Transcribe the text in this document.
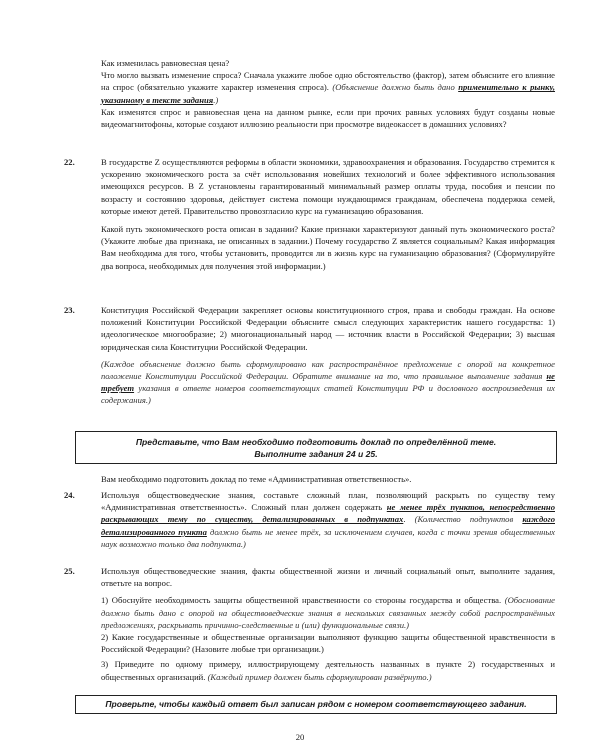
Как изменилась равновесная цена?

Что могло вызвать изменение спроса? Сначала укажите любое одно обстоятельство (фактор), затем объясните его влияние на спрос (обязательно укажите характер изменения спроса). (Объяснение должно быть дано применительно к рынку, указанному в тексте задания.)

Как изменятся спрос и равновесная цена на данном рынке, если при прочих равных условиях будут созданы новые видеомагнитофоны, которые создают иллюзию реальности при просмотре видеокассет в домашних условиях?

22.	В государстве Z осуществляются реформы в области экономики, здравоохранения и образования. Государство стремится к ускорению экономического роста за счёт использования новейших технологий и более эффективного использования имеющихся ресурсов. В Z установлены гарантированный минимальный размер оплаты труда, пособия и пенсии по возрасту и состоянию здоровья, действует система помощи нуждающимся гражданам, обеспечена поддержка семей, которые имеют детей. Правительство провозгласило курс на гуманизацию образования.

Какой путь экономического роста описан в задании? Какие признаки характеризуют данный путь экономического роста? (Укажите любые два признака, не описанных в задании.) Почему государство Z является социальным? Какая информация Вам необходима для того, чтобы установить, проводится ли в жизнь курс на гуманизацию образования? (Сформулируйте два вопроса, необходимых для получения этой информации.)

23.	Конституция Российской Федерации закрепляет основы конституционного строя, права и свободы граждан. На основе положений Конституции Российской Федерации объясните смысл следующих характеристик нашего государства: 1) идеологическое многообразие; 2) многонациональный народ — источник власти в Российской Федерации; 3) высшая юридическая сила Конституции Российской Федерации.

(Каждое объяснение должно быть сформулировано как распространённое предложение с опорой на конкретное положение Конституции Российской Федерации. Обратите внимание на то, что правильное выполнение задания не требует указания в ответе номеров соответствующих статей Конституции РФ и дословного воспроизведения их содержания.)

Представьте, что Вам необходимо подготовить доклад по определённой теме.
Выполните задания 24 и 25.

Вам необходимо подготовить доклад по теме «Административная ответственность».

24.	Используя обществоведческие знания, составьте сложный план, позволяющий раскрыть по существу тему «Административная ответственность». Сложный план должен содержать не менее трёх пунктов, непосредственно раскрывающих тему по существу, детализированных в подпунктах. (Количество подпунктов каждого детализированного пункта должно быть не менее трёх, за исключением случаев, когда с точки зрения общественных наук возможно только два подпункта.)

25.	Используя обществоведческие знания, факты общественной жизни и личный социальный опыт, выполните задания, ответьте на вопрос.

1) Обоснуйте необходимость защиты общественной нравственности со стороны государства и общества. (Обоснование должно быть дано с опорой на обществоведческие знания в нескольких связанных между собой распространённых предложениях, раскрывать причинно-следственные и (или) функциональные связи.)

2) Какие государственные и общественные организации выполняют функцию защиты общественной нравственности в Российской Федерации? (Назовите любые три организации.)

3) Приведите по одному примеру, иллюстрирующему деятельность названных в пункте 2) государственных и общественных организаций. (Каждый пример должен быть сформулирован развёрнуто.)

Проверьте, чтобы каждый ответ был записан рядом с номером соответствующего задания.
20
